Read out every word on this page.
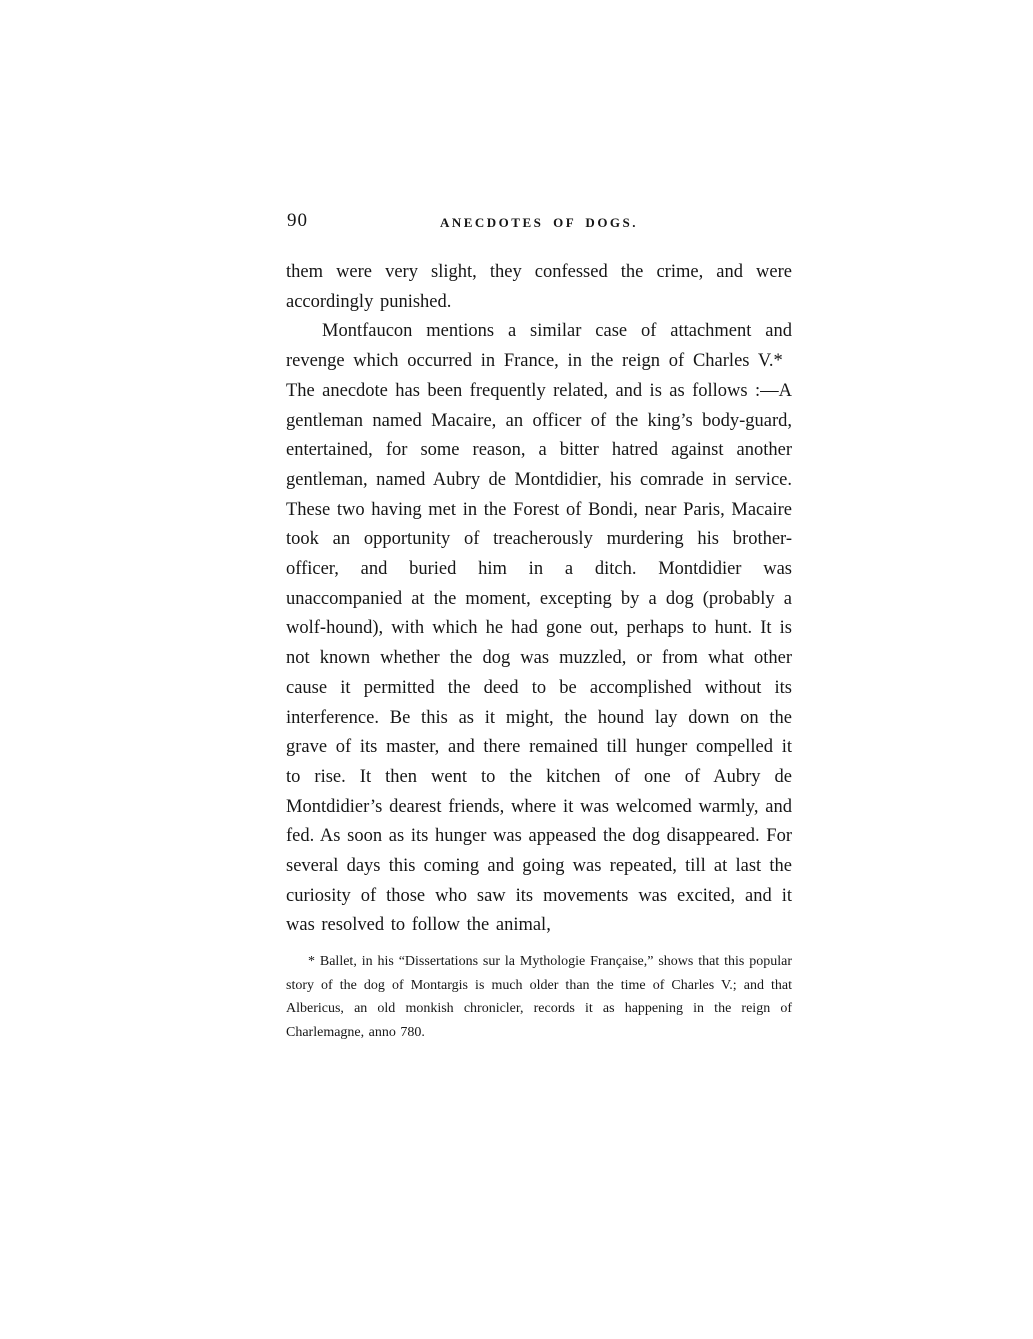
90	ANECDOTES OF DOGS.

them were very slight, they confessed the crime, and were accordingly punished.

Montfaucon mentions a similar case of attachment and revenge which occurred in France, in the reign of Charles V.* The anecdote has been frequently related, and is as follows :—A gentleman named Macaire, an officer of the king’s body-guard, entertained, for some reason, a bitter hatred against another gentleman, named Aubry de Montdidier, his comrade in service. These two having met in the Forest of Bondi, near Paris, Macaire took an opportunity of treacherously murdering his brother-officer, and buried him in a ditch. Montdidier was unaccompanied at the moment, excepting by a dog (probably a wolf-hound), with which he had gone out, perhaps to hunt. It is not known whether the dog was muzzled, or from what other cause it permitted the deed to be accomplished without its interference. Be this as it might, the hound lay down on the grave of its master, and there remained till hunger compelled it to rise. It then went to the kitchen of one of Aubry de Montdidier’s dearest friends, where it was welcomed warmly, and fed. As soon as its hunger was appeased the dog disappeared. For several days this coming and going was repeated, till at last the curiosity of those who saw its movements was excited, and it was resolved to follow the animal,

* Ballet, in his “Dissertations sur la Mythologie Française,” shows that this popular story of the dog of Montargis is much older than the time of Charles V.; and that Albericus, an old monkish chronicler, records it as happening in the reign of Charlemagne, anno 780.
